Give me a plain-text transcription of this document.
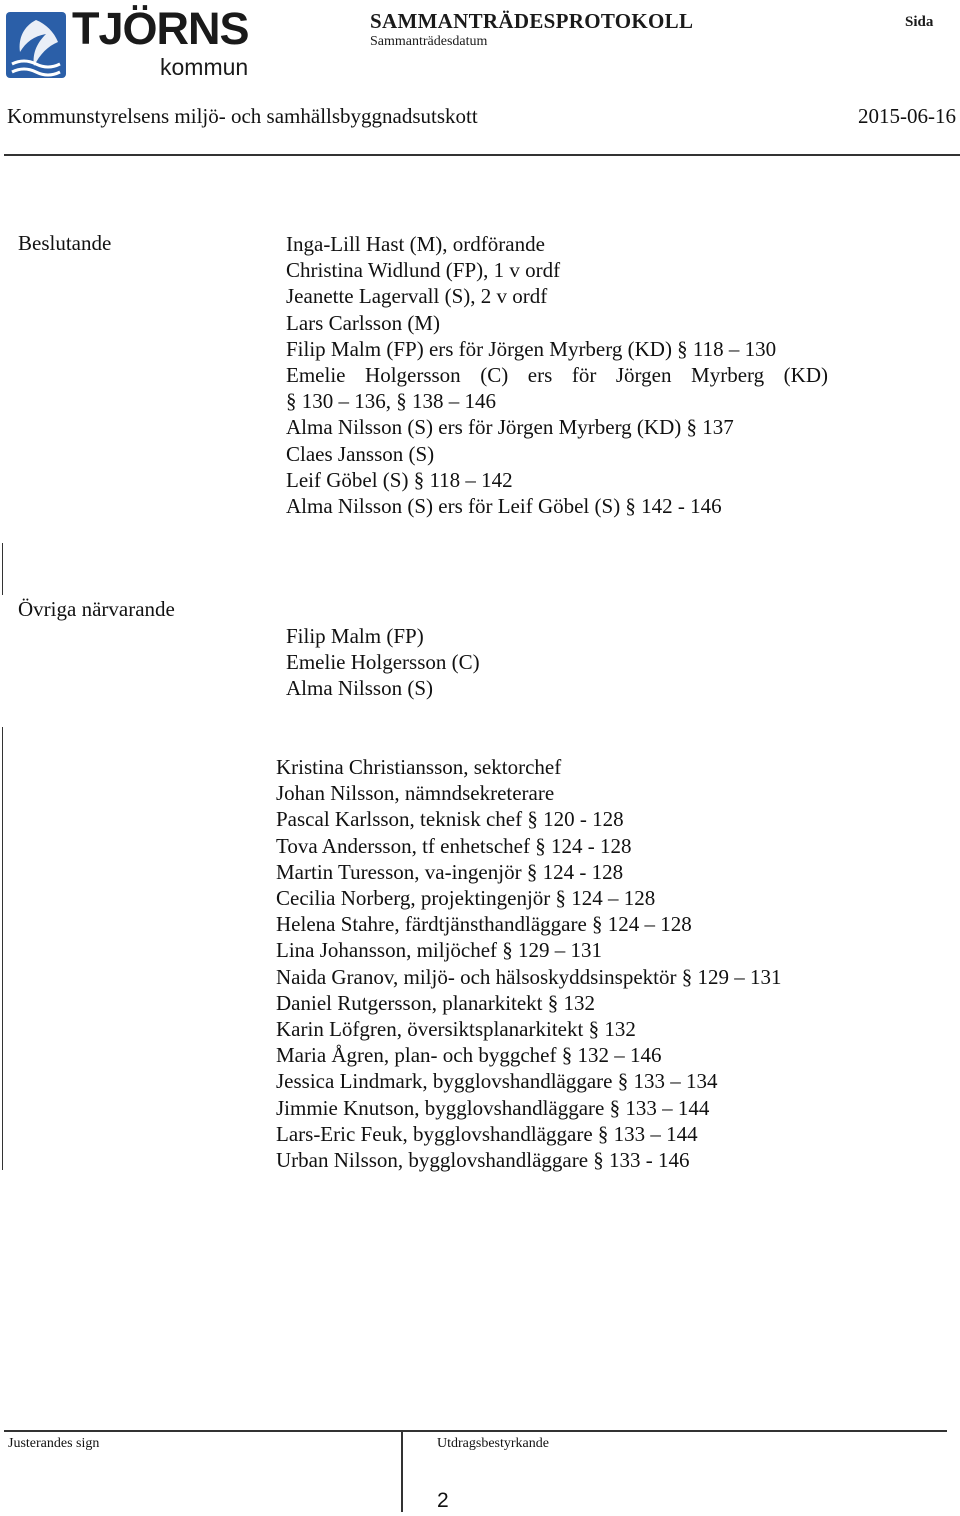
TJÖRNS
kommun
SAMMANTRÄDESPROTOKOLL
Sammanträdesdatum
Sida
Kommunstyrelsens miljö- och samhällsbyggnadsutskott	2015-06-16
Beslutande	Inga-Lill Hast (M), ordförande
Christina Widlund (FP), 1 v ordf
Jeanette Lagervall (S), 2 v ordf
Lars Carlsson (M)
Filip Malm (FP) ers för Jörgen Myrberg (KD) § 118 – 130
Emelie Holgersson (C) ers för Jörgen Myrberg (KD)
§ 130 – 136, § 138 – 146
Alma Nilsson (S) ers för Jörgen Myrberg (KD) § 137
Claes Jansson (S)
Leif Göbel (S) § 118 – 142
Alma Nilsson (S) ers för Leif Göbel (S) § 142 - 146
Övriga närvarande
Filip Malm (FP)
Emelie Holgersson (C)
Alma Nilsson (S)
Kristina Christiansson, sektorchef
Johan Nilsson, nämndsekreterare
Pascal Karlsson, teknisk chef § 120 - 128
Tova Andersson, tf enhetschef § 124 - 128
Martin Turesson, va-ingenjör § 124 - 128
Cecilia Norberg, projektingenjör § 124 – 128
Helena Stahre, färdtjänsthandläggare § 124 – 128
Lina Johansson, miljöchef § 129 – 131
Naida Granov, miljö- och hälsoskyddsinspektör § 129 – 131
Daniel Rutgersson, planarkitekt § 132
Karin Löfgren, översiktsplanarkitekt § 132
Maria Ågren, plan- och byggchef § 132 – 146
Jessica Lindmark, bygglovshandläggare § 133 – 134
Jimmie Knutson, bygglovshandläggare § 133 – 144
Lars-Eric Feuk, bygglovshandläggare § 133 – 144
Urban Nilsson, bygglovshandläggare § 133 - 146
Justerandes sign	Utdragsbestyrkande
2
